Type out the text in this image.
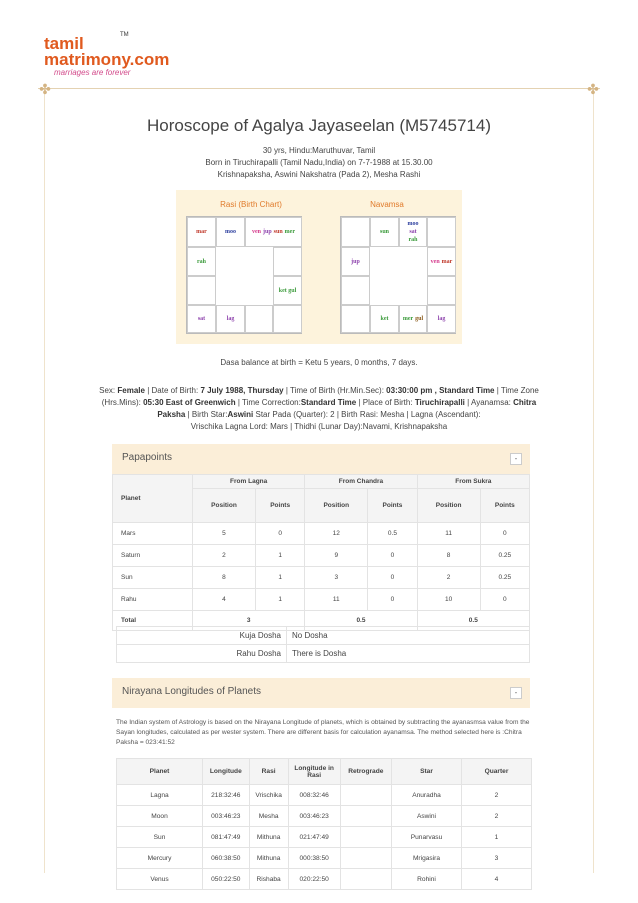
tamil	TM
matrimony.com
marriages are forever
✤	✤
Horoscope of Agalya Jayaseelan (M5745714)
30 yrs, Hindu:Maruthuvar, Tamil
Born in Tiruchirapalli (Tamil Nadu,India) on 7-7-1988 at 15.30.00
Krishnapaksha, Aswini Nakshatra (Pada 2), Mesha Rashi
Rasi (Birth Chart)
mar	moo	ven jup sun mer
rah
ket gul
sat	lag
Navamsa
sun
moo
sat
rah
jup	ven mar
ket mer gul lag
Dasa balance at birth = Ketu 5 years, 0 months, 7 days.
Sex: Female | Date of Birth: 7 July 1988, Thursday | Time of Birth (Hr.Min.Sec): 03:30:00 pm , Standard Time | Time Zone (Hrs.Mins): 05:30 East of Greenwich | Time Correction:Standard Time | Place of Birth: Tiruchirapalli | Ayanamsa: Chitra Paksha | Birth Star:Aswini Star Pada (Quarter): 2 | Birth Rasi: Mesha | Lagna (Ascendant):
Vrischika Lagna Lord: Mars | Thidhi (Lunar Day):Navami, Krishnapaksha
Papapoints	-
Planet	From Lagna		From Chandra		From Sukra	
	Position	Points	Position	Points	Position	Points
Mars	5	0	12	0.5	11	0
Saturn	2	1	9	0	8	0.25
Sun	8	1	3	0	2	0.25
Rahu	4	1	11	0	10	0
Total	3		0.5		0.5	
Kuja Dosha	No Dosha
Rahu Dosha	There is Dosha
Nirayana Longitudes of Planets	-
The Indian system of Astrology is based on the Nirayana Longitude of planets, which is obtained by subtracting the ayanasmsa value from the Sayan longitudes, calculated as per wester system. There are different basis for calculation ayanamsa. The method selected here is :Chitra Paksha = 023:41:52
Planet	Longitude	Rasi	Longitude in Rasi	Retrograde	Star	Quarter
Lagna	218:32:46	Vrischika	008:32:46		Anuradha	2
Moon	003:46:23	Mesha	003:46:23		Aswini	2
Sun	081:47:49	Mithuna	021:47:49		Punarvasu	1
Mercury	060:38:50	Mithuna	000:38:50		Mrigasira	3
Venus	050:22:50	Rishaba	020:22:50		Rohini	4
